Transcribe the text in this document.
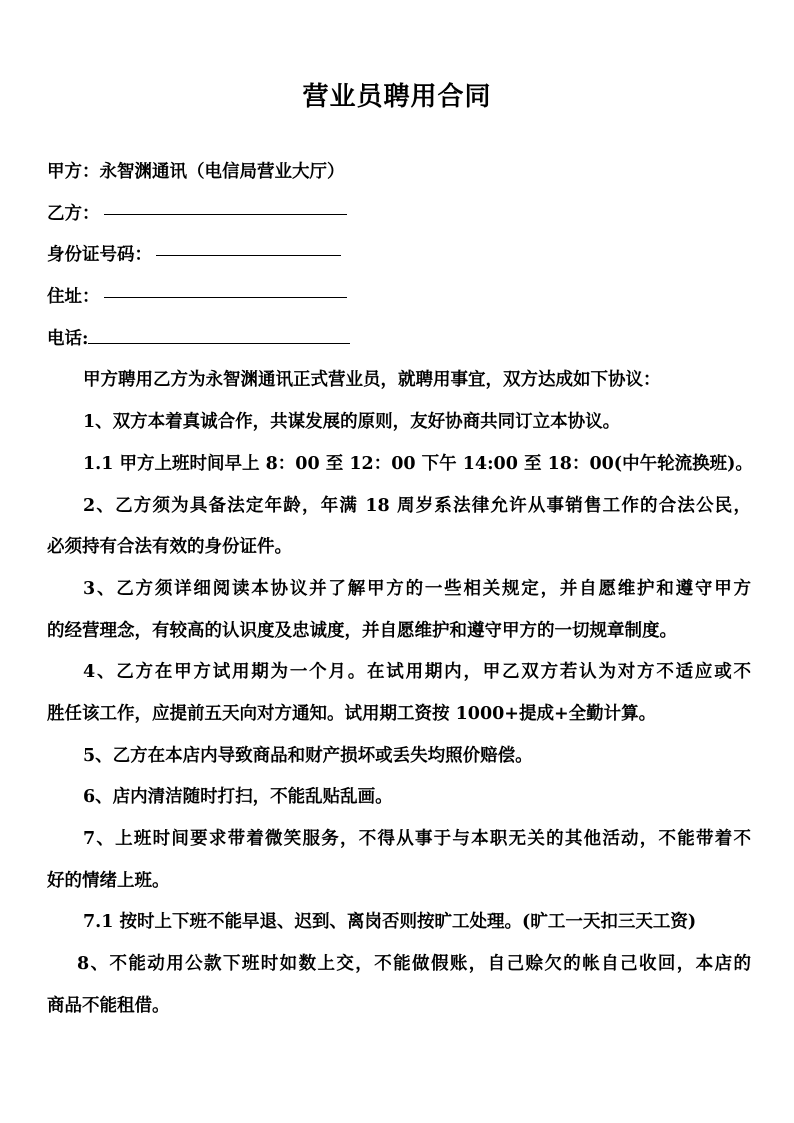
营业员聘用合同
甲方：永智渊通讯（电信局营业大厅）
乙方：
身份证号码：
住址：
电话:
甲方聘用乙方为永智渊通讯正式营业员，就聘用事宜，双方达成如下协议：
1、双方本着真诚合作，共谋发展的原则，友好协商共同订立本协议。
1.1 甲方上班时间早上 8：00 至 12：00 下午 14:00 至 18：00(中午轮流换班)。
2、乙方须为具备法定年龄，年满 18 周岁系法律允许从事销售工作的合法公民，
必须持有合法有效的身份证件。
3、乙方须详细阅读本协议并了解甲方的一些相关规定，并自愿维护和遵守甲方
的经营理念，有较高的认识度及忠诚度，并自愿维护和遵守甲方的一切规章制度。
4、乙方在甲方试用期为一个月。在试用期内，甲乙双方若认为对方不适应或不
胜任该工作，应提前五天向对方通知。试用期工资按 1000+提成+全勤计算。
5、乙方在本店内导致商品和财产损坏或丢失均照价赔偿。
6、店内清洁随时打扫，不能乱贴乱画。
7、上班时间要求带着微笑服务，不得从事于与本职无关的其他活动，不能带着不
好的情绪上班。
7.1 按时上下班不能早退、迟到、离岗否则按旷工处理。(旷工一天扣三天工资)
8、不能动用公款下班时如数上交，不能做假账，自己赊欠的帐自己收回，本店的
商品不能租借。
